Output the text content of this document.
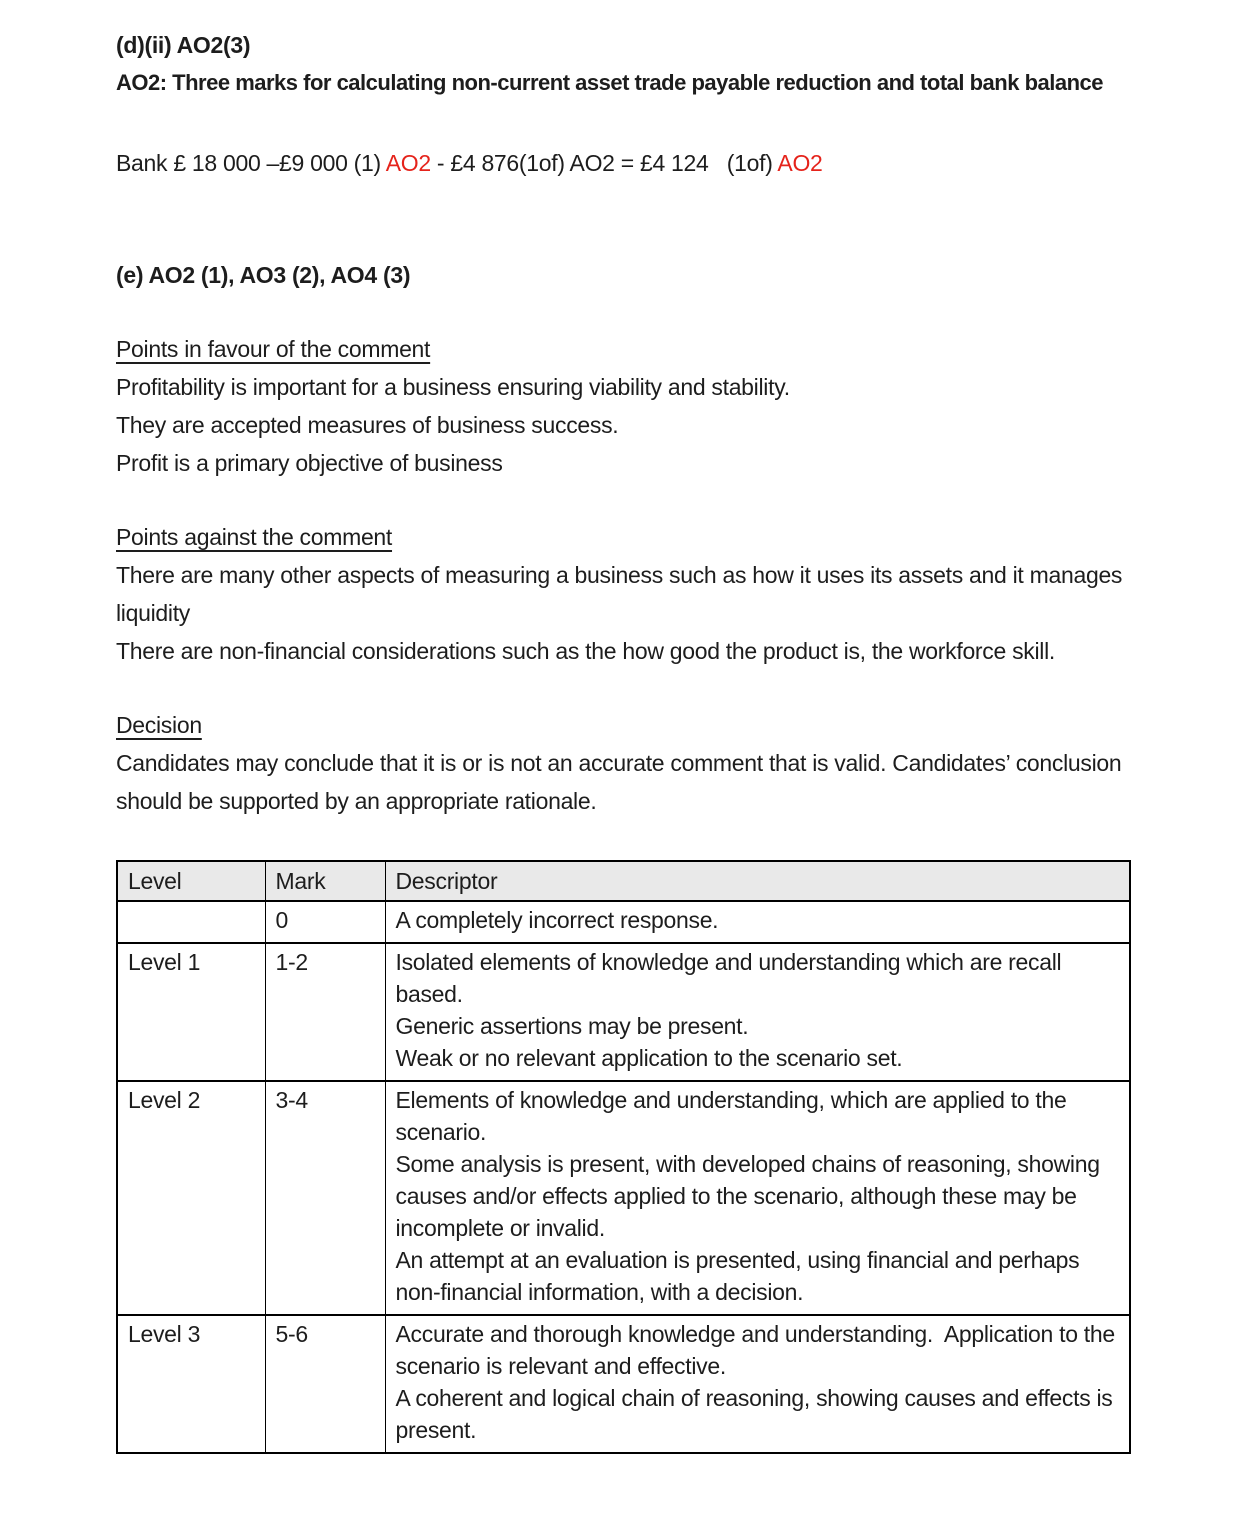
(d)(ii) AO2(3)
AO2: Three marks for calculating non-current asset trade payable reduction and total bank balance
Bank £ 18 000 –£9 000 (1) AO2 - £4 876(1of) AO2 = £4 124   (1of) AO2
(e) AO2 (1), AO3 (2), AO4 (3)
Points in favour of the comment
Profitability is important for a business ensuring viability and stability.
They are accepted measures of business success.
Profit is a primary objective of business
Points against the comment
There are many other aspects of measuring a business such as how it uses its assets and it manages liquidity
There are non-financial considerations such as the how good the product is, the workforce skill.
Decision
Candidates may conclude that it is or is not an accurate comment that is valid. Candidates’ conclusion should be supported by an appropriate rationale.
Level	Mark	Descriptor
	0	A completely incorrect response.

Level 1	1-2	Isolated elements of knowledge and understanding which are recall based.
Generic assertions may be present.
Weak or no relevant application to the scenario set.

Level 2	3-4	Elements of knowledge and understanding, which are applied to the scenario.
Some analysis is present, with developed chains of reasoning, showing causes and/or effects applied to the scenario, although these may be incomplete or invalid.
An attempt at an evaluation is presented, using financial and perhaps non-financial information, with a decision.

Level 3	5-6	Accurate and thorough knowledge and understanding.  Application to the scenario is relevant and effective.
A coherent and logical chain of reasoning, showing causes and effects is present.
